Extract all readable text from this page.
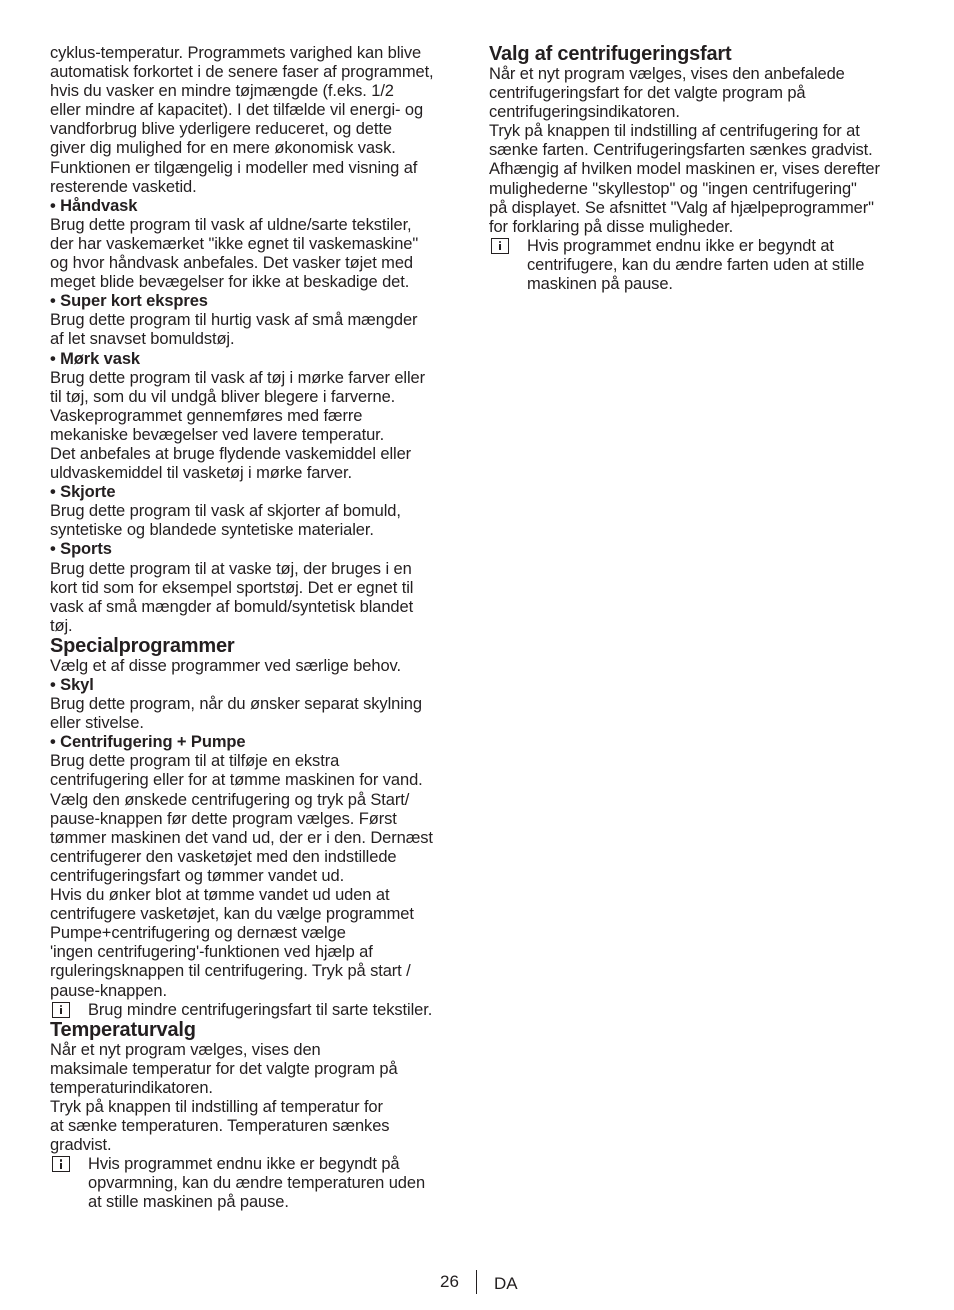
cyklus-temperatur. Programmets varighed kan blive
automatisk forkortet i de senere faser af programmet,
hvis du vasker en mindre tøjmængde (f.eks. 1/2
eller mindre af kapacitet). I det tilfælde vil energi- og
vandforbrug blive yderligere reduceret, og dette
giver dig mulighed for en mere økonomisk vask.
Funktionen er tilgængelig i modeller med visning af
resterende vasketid.
• Håndvask
Brug dette program til vask af uldne/sarte tekstiler,
der har vaskemærket "ikke egnet til vaskemaskine"
og hvor håndvask anbefales. Det vasker tøjet med
meget blide bevægelser for ikke at beskadige det.
• Super kort ekspres
Brug dette program til hurtig vask af små mængder
af let snavset bomuldstøj.
• Mørk vask
Brug dette program til vask af tøj i mørke farver eller
til tøj, som du vil undgå bliver blegere i farverne.
Vaskeprogrammet gennemføres med færre
mekaniske bevægelser ved lavere temperatur.
Det anbefales at bruge flydende vaskemiddel eller
uldvaskemiddel til vasketøj i mørke farver.
• Skjorte
Brug dette program til vask af skjorter af bomuld,
syntetiske og blandede syntetiske materialer.
• Sports
Brug dette program til at vaske tøj, der bruges i en
kort tid som for eksempel sportstøj. Det er egnet til
vask af små mængder af bomuld/syntetisk blandet
tøj.
Specialprogrammer
Vælg et af disse programmer ved særlige behov.
• Skyl
Brug dette program, når du ønsker separat skylning
eller stivelse.
• Centrifugering + Pumpe
Brug dette program til at tilføje en ekstra
centrifugering eller for at tømme maskinen for vand.
Vælg den ønskede centrifugering og tryk på Start/
pause-knappen før dette program vælges. Først
tømmer maskinen det vand ud, der er i den. Dernæst
centrifugerer den vasketøjet med den indstillede
centrifugeringsfart og tømmer vandet ud.
Hvis du ønker blot at tømme vandet ud uden at
centrifugere vasketøjet, kan du vælge programmet
Pumpe+centrifugering og dernæst vælge
'ingen centrifugering'-funktionen ved hjælp af
rguleringsknappen til centrifugering. Tryk på start /
pause-knappen.
Brug mindre centrifugeringsfart til sarte tekstiler.
Temperaturvalg
Når et nyt program vælges, vises den
maksimale temperatur for det valgte program på
temperaturindikatoren.
Tryk på knappen til indstilling af temperatur for
at sænke temperaturen. Temperaturen sænkes
gradvist.
Hvis programmet endnu ikke er begyndt på
opvarmning, kan du ændre temperaturen uden
at stille maskinen på pause.
Valg af centrifugeringsfart
Når et nyt program vælges, vises den anbefalede
centrifugeringsfart for det valgte program på
centrifugeringsindikatoren.
Tryk på knappen til indstilling af centrifugering for at
sænke farten. Centrifugeringsfarten sænkes gradvist.
Afhængig af hvilken model maskinen er, vises derefter
mulighederne "skyllestop" og "ingen centrifugering"
på displayet. Se afsnittet "Valg af hjælpeprogrammer"
for forklaring på disse muligheder.
Hvis programmet endnu ikke er begyndt at
centrifugere, kan du ændre farten uden at stille
maskinen på pause.
26 DA
